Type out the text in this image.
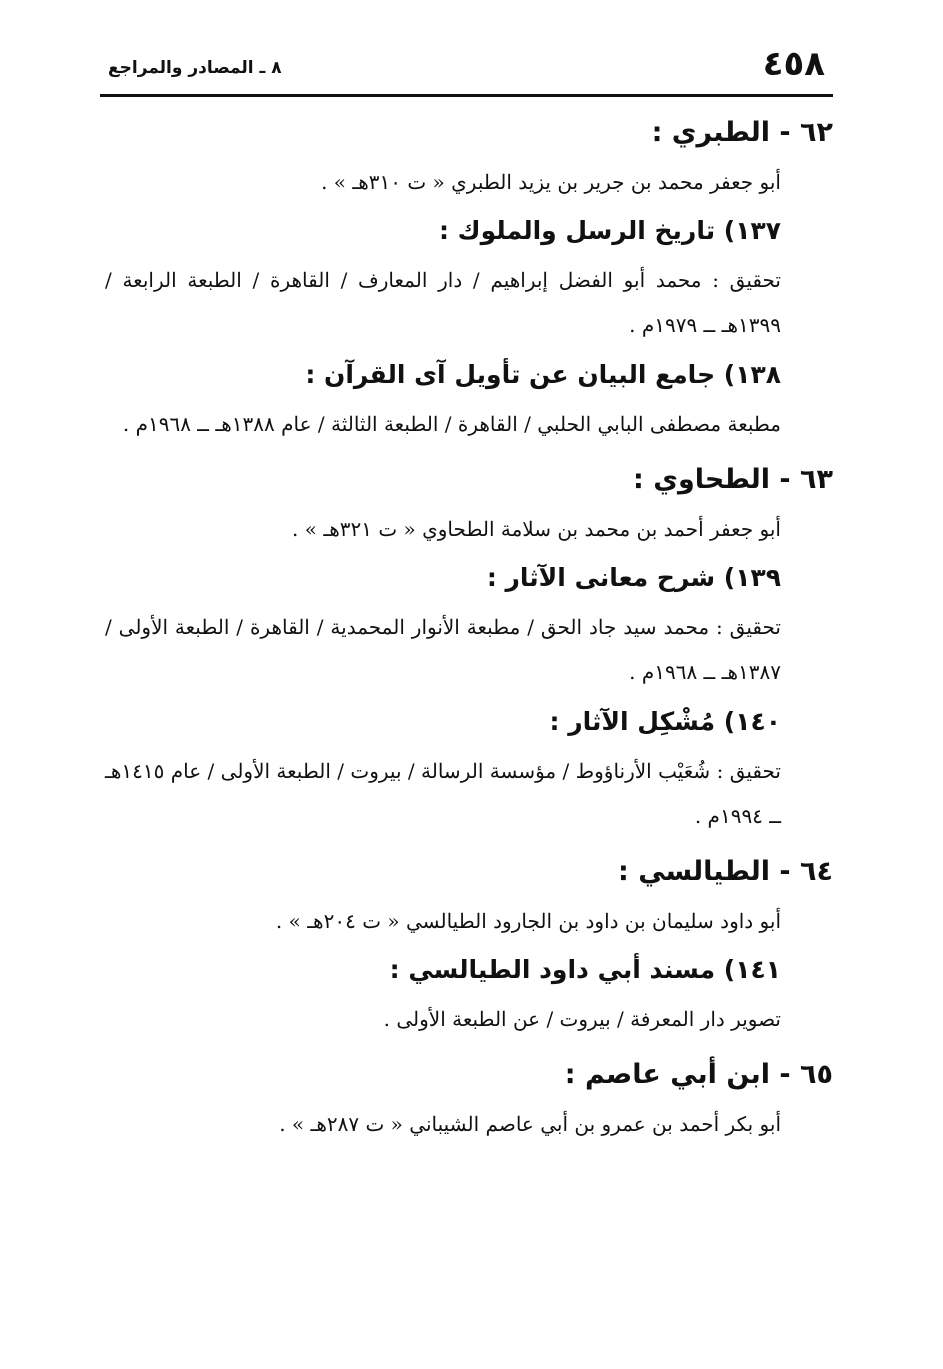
٤٥٨
٨ ـ المصادر والمراجع
٦٢ - الطبري :
أبو جعفر محمد بن جرير بن يزيد الطبري « ت ٣١٠هـ » .
١٣٧) تاريخ الرسل والملوك :
تحقيق : محمد أبو الفضل إبراهيم / دار المعارف / القاهرة / الطبعة الرابعة / ١٣٩٩هـ ــ ١٩٧٩م .
١٣٨) جامع البيان عن تأويل آى القرآن :
مطبعة مصطفى البابي الحلبي / القاهرة / الطبعة الثالثة / عام ١٣٨٨هـ ــ ١٩٦٨م .
٦٣ - الطحاوي :
أبو جعفر أحمد بن محمد بن سلامة الطحاوي « ت ٣٢١هـ » .
١٣٩) شرح معانى الآثار :
تحقيق : محمد سيد جاد الحق / مطبعة الأنوار المحمدية / القاهرة / الطبعة الأولى / ١٣٨٧هـ ــ ١٩٦٨م .
١٤٠) مُشْكِل الآثار :
تحقيق : شُعَيْب الأرناؤوط / مؤسسة الرسالة / بيروت / الطبعة الأولى / عام ١٤١٥هـ ــ ١٩٩٤م .
٦٤ - الطيالسي :
أبو داود سليمان بن داود بن الجارود الطيالسي « ت ٢٠٤هـ » .
١٤١) مسند أبي داود الطيالسي :
تصوير دار المعرفة / بيروت / عن الطبعة الأولى .
٦٥ - ابن أبي عاصم :
أبو بكر أحمد بن عمرو بن أبي عاصم الشيباني « ت ٢٨٧هـ » .
